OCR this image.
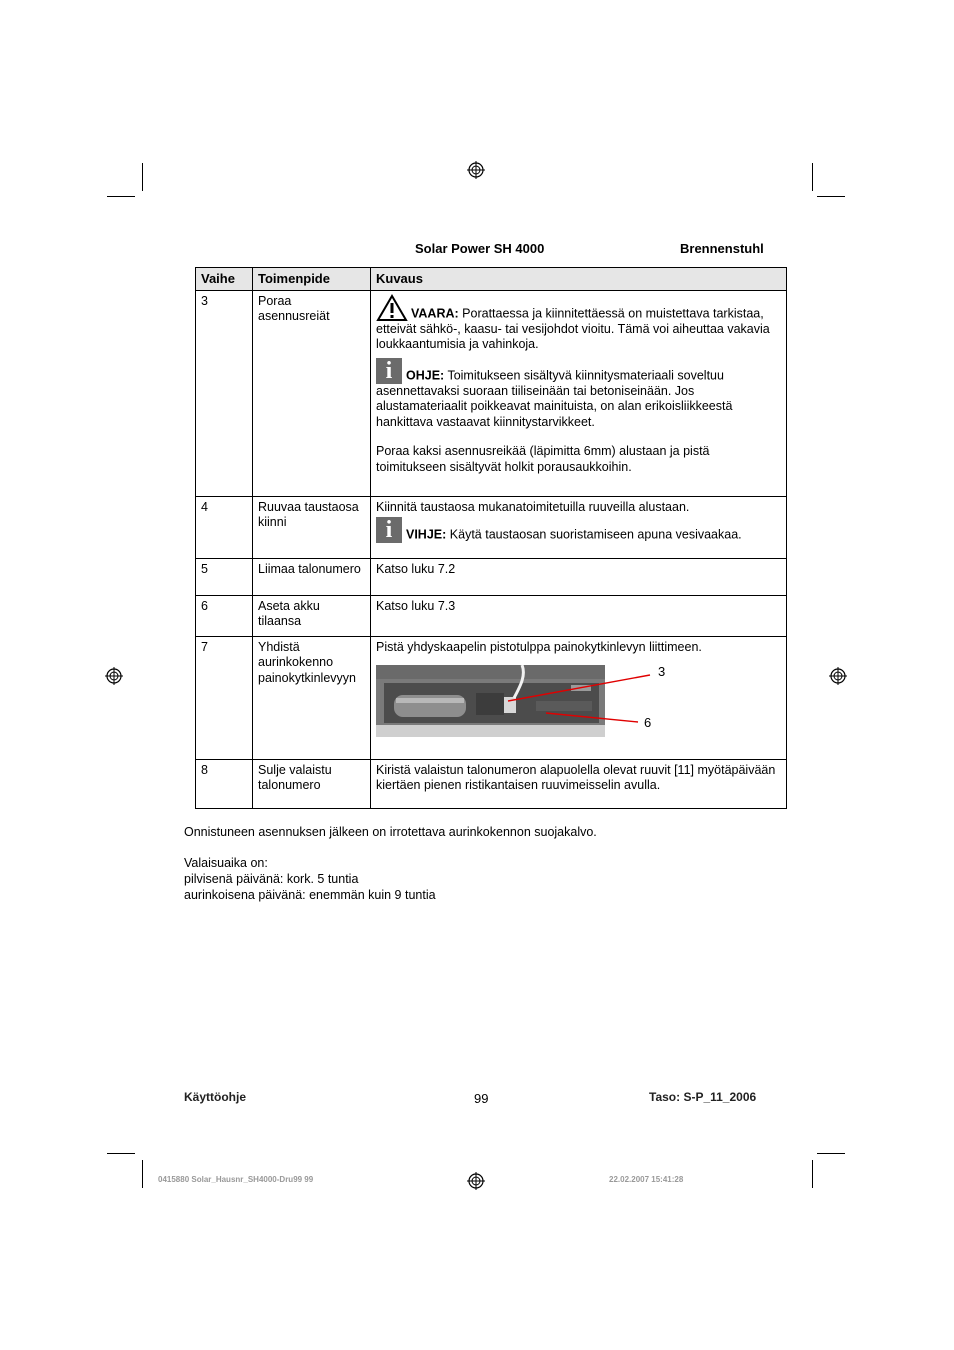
Solar Power SH 4000	Brennenstuhl
Vaihe	Toimenpide	Kuvaus
3	Poraa asennusreiät	VAARA: Porattaessa ja kiinnitettäessä on muistettava tarkistaa, etteivät sähkö-, kaasu- tai vesijohdot vioitu. Tämä voi aiheuttaa vakavia loukkaantumisia ja vahinkoja.

i OHJE: Toimitukseen sisältyvä kiinnitysmateriaali soveltuu asennettavaksi suoraan tiiliseinään tai betoniseinään. Jos alustamateriaalit poikkeavat mainituista, on alan erikoisliikkeestä hankittava vastaavat kiinnitystarvikkeet.

Poraa kaksi asennusreikää (läpimitta 6mm) alustaan ja pistä toimitukseen sisältyvät holkit porausaukkoihin.

4	Ruuvaa taustaosa kiinni	Kiinnitä taustaosa mukanatoimitetuilla ruuveilla alustaan.

i VIHJE: Käytä taustaosan suoristamiseen apuna vesivaakaa.

5	Liimaa talonumero	Katso luku 7.2
6	Aseta akku tilaansa	Katso luku 7.3
7	Yhdistä aurinkokenno painokytkinlevyyn	Pistä yhdyskaapelin pistotulppa painokytkinlevyn liittimeen.

3
6

8	Sulje valaistu talonumero	Kiristä valaistun talonumeron alapuolella olevat ruuvit [11] myötäpäivään kiertäen pienen ristikantaisen ruuvimeisselin avulla.
Onnistuneen asennuksen jälkeen on irrotettava aurinkokennon suojakalvo.
Valaisuaika on:
pilvisenä päivänä: kork. 5 tuntia
aurinkoisena päivänä: enemmän kuin 9 tuntia
Käyttöohje	99	Taso: S-P_11_2006
0415880 Solar_Hausnr_SH4000-Dru99 99	22.02.2007 15:41:28
